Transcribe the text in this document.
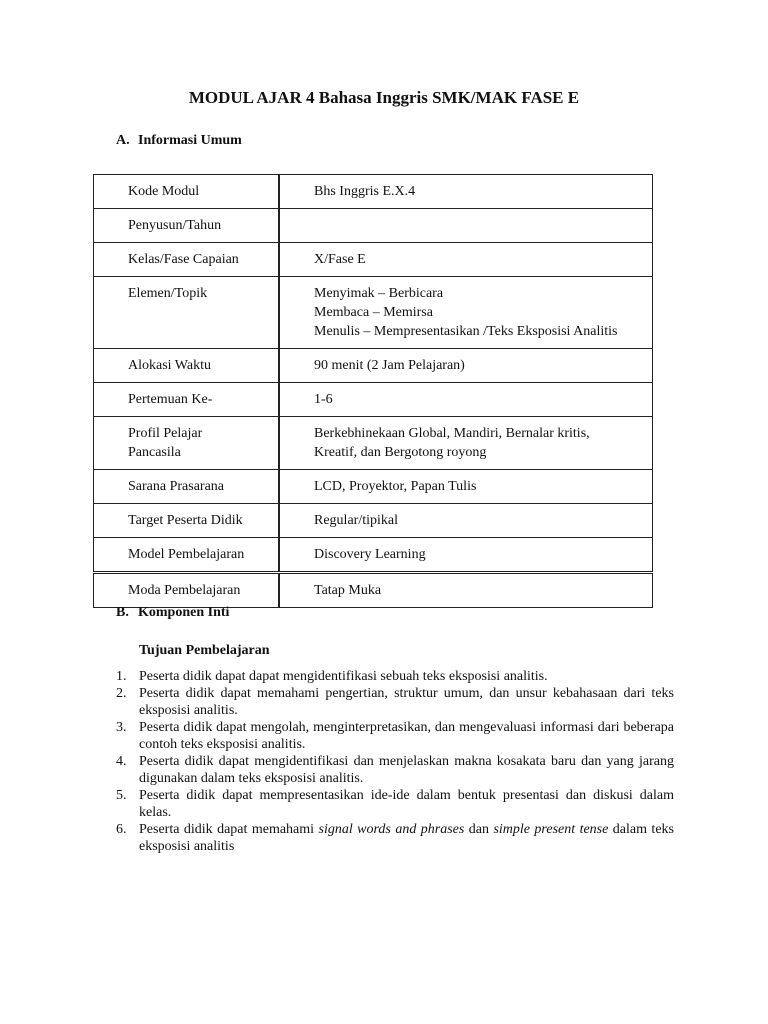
MODUL AJAR 4 Bahasa Inggris SMK/MAK FASE E
A. Informasi Umum
Kode Modul	Bhs Inggris E.X.4

Penyusun/Tahun	

Kelas/Fase Capaian	X/Fase E

Elemen/Topik	Menyimak – Berbicara
Membaca – Memirsa
Menulis – Mempresentasikan /Teks Eksposisi Analitis

Alokasi Waktu	90 menit (2 Jam Pelajaran)

Pertemuan Ke-	1-6

Profil Pelajar
Pancasila	Berkebhinekaan Global, Mandiri, Bernalar kritis,
Kreatif, dan Bergotong royong

Sarana Prasarana	LCD, Proyektor, Papan Tulis

Target Peserta Didik	Regular/tipikal

Model Pembelajaran	Discovery Learning

Moda Pembelajaran	Tatap Muka
B. Komponen Inti
Tujuan Pembelajaran
1. Peserta didik dapat dapat mengidentifikasi sebuah teks eksposisi analitis.
2. Peserta didik dapat memahami pengertian, struktur umum, dan unsur kebahasaan dari teks eksposisi analitis.
3. Peserta didik dapat mengolah, menginterpretasikan, dan mengevaluasi informasi dari beberapa contoh teks eksposisi analitis.
4. Peserta didik dapat mengidentifikasi dan menjelaskan makna kosakata baru dan yang jarang digunakan dalam teks eksposisi analitis.
5. Peserta didik dapat mempresentasikan ide-ide dalam bentuk presentasi dan diskusi dalam kelas.
6. Peserta didik dapat memahami signal words and phrases dan simple present tense dalam teks eksposisi analitis
